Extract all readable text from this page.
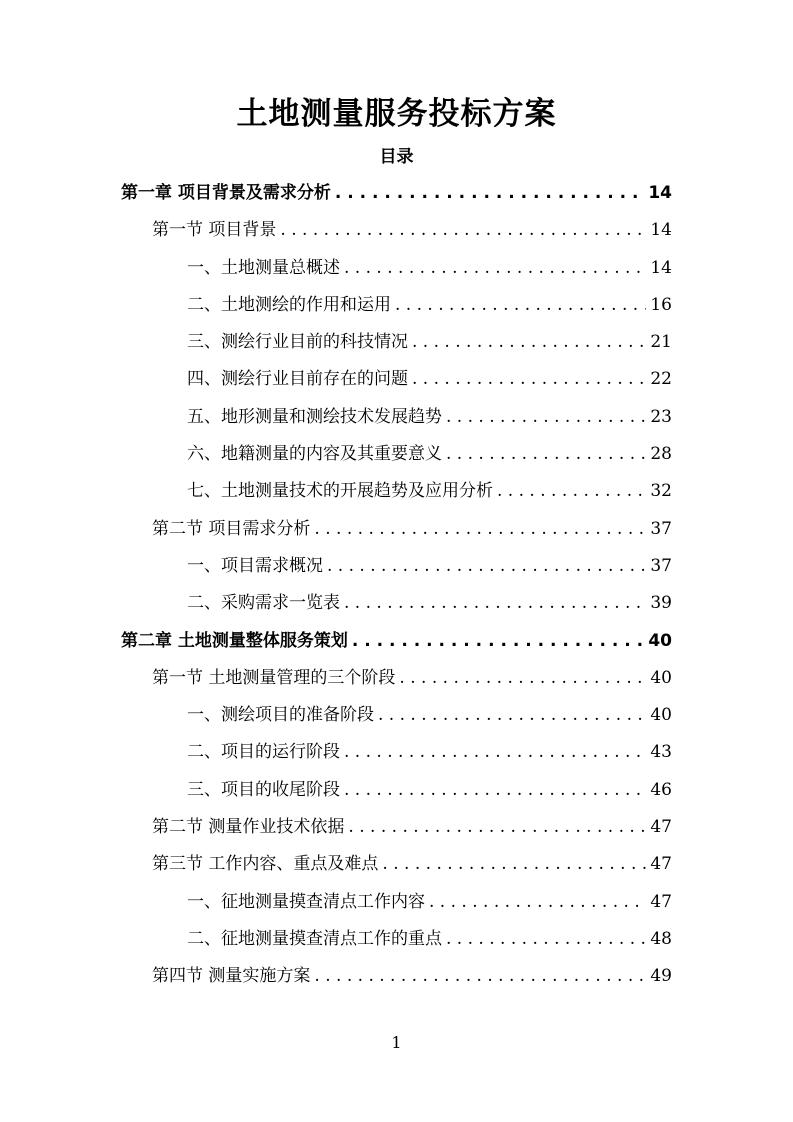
土地测量服务投标方案
目录
第一章 项目背景及需求分析 . . .	14
第一节 项目背景 . . .	14
一、土地测量总概述 . . .	14
二、土地测绘的作用和运用 . . .	16
三、测绘行业目前的科技情况 . . .	21
四、测绘行业目前存在的问题 . . .	22
五、地形测量和测绘技术发展趋势 . . .	23
六、地籍测量的内容及其重要意义 . . .	28
七、土地测量技术的开展趋势及应用分析 . . .	32
第二节 项目需求分析 . . .	37
一、项目需求概况 . . .	37
二、采购需求一览表 . . .	39
第二章 土地测量整体服务策划 . . .	40
第一节 土地测量管理的三个阶段 . . .	40
一、测绘项目的准备阶段 . . .	40
二、项目的运行阶段 . . .	43
三、项目的收尾阶段 . . .	46
第二节 测量作业技术依据 . . .	47
第三节 工作内容、重点及难点 . . .	47
一、征地测量摸查清点工作内容 . . .	47
二、征地测量摸查清点工作的重点 . . .	48
第四节 测量实施方案 . . .	49
1
